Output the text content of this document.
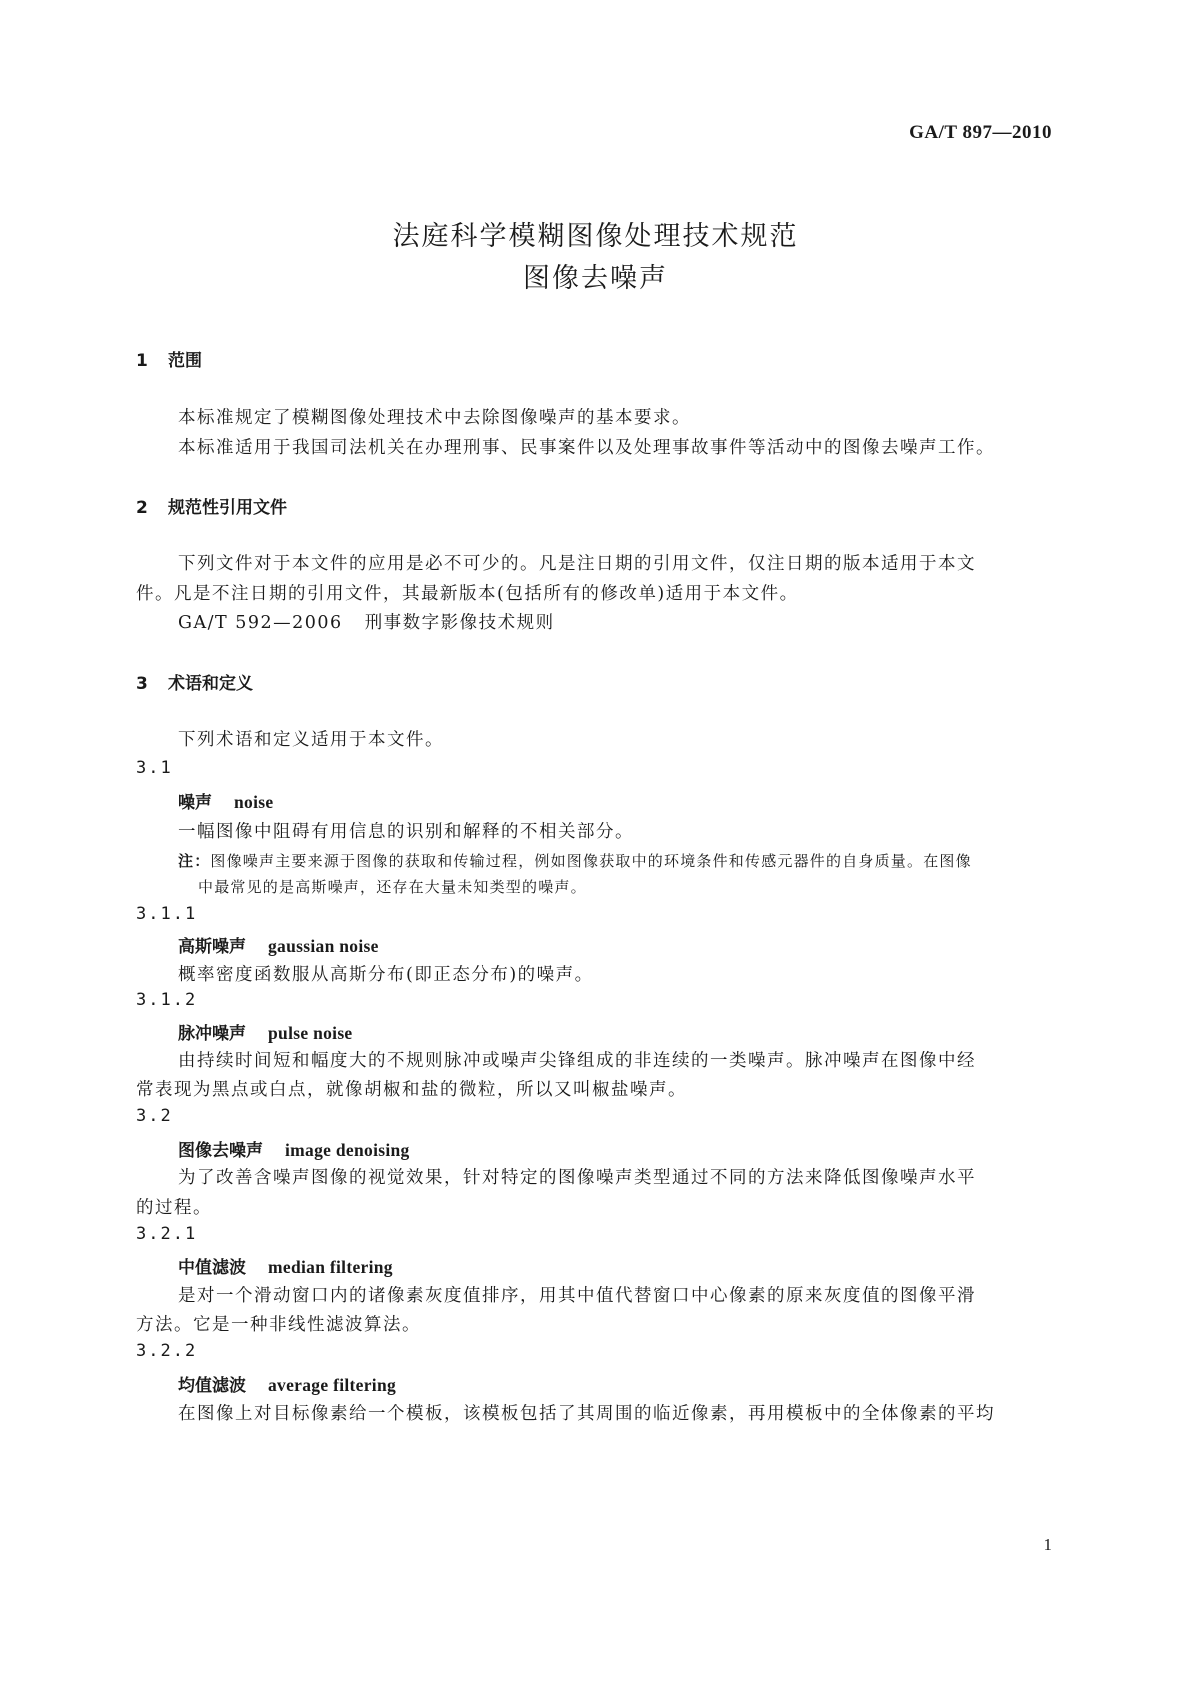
GA/T 897—2010
法庭科学模糊图像处理技术规范
图像去噪声
1 范围
本标准规定了模糊图像处理技术中去除图像噪声的基本要求。
本标准适用于我国司法机关在办理刑事、民事案件以及处理事故事件等活动中的图像去噪声工作。
2 规范性引用文件
下列文件对于本文件的应用是必不可少的。凡是注日期的引用文件，仅注日期的版本适用于本文
件。凡是不注日期的引用文件，其最新版本(包括所有的修改单)适用于本文件。
GA/T 592—2006 刑事数字影像技术规则
3 术语和定义
下列术语和定义适用于本文件。
3.1
噪声 noise
一幅图像中阻碍有用信息的识别和解释的不相关部分。
注：图像噪声主要来源于图像的获取和传输过程，例如图像获取中的环境条件和传感元器件的自身质量。在图像
中最常见的是高斯噪声，还存在大量未知类型的噪声。
3.1.1
高斯噪声 gaussian noise
概率密度函数服从高斯分布(即正态分布)的噪声。
3.1.2
脉冲噪声 pulse noise
由持续时间短和幅度大的不规则脉冲或噪声尖锋组成的非连续的一类噪声。脉冲噪声在图像中经
常表现为黑点或白点，就像胡椒和盐的微粒，所以又叫椒盐噪声。
3.2
图像去噪声 image denoising
为了改善含噪声图像的视觉效果，针对特定的图像噪声类型通过不同的方法来降低图像噪声水平
的过程。
3.2.1
中值滤波 median filtering
是对一个滑动窗口内的诸像素灰度值排序，用其中值代替窗口中心像素的原来灰度值的图像平滑
方法。它是一种非线性滤波算法。
3.2.2
均值滤波 average filtering
在图像上对目标像素给一个模板，该模板包括了其周围的临近像素，再用模板中的全体像素的平均
1
